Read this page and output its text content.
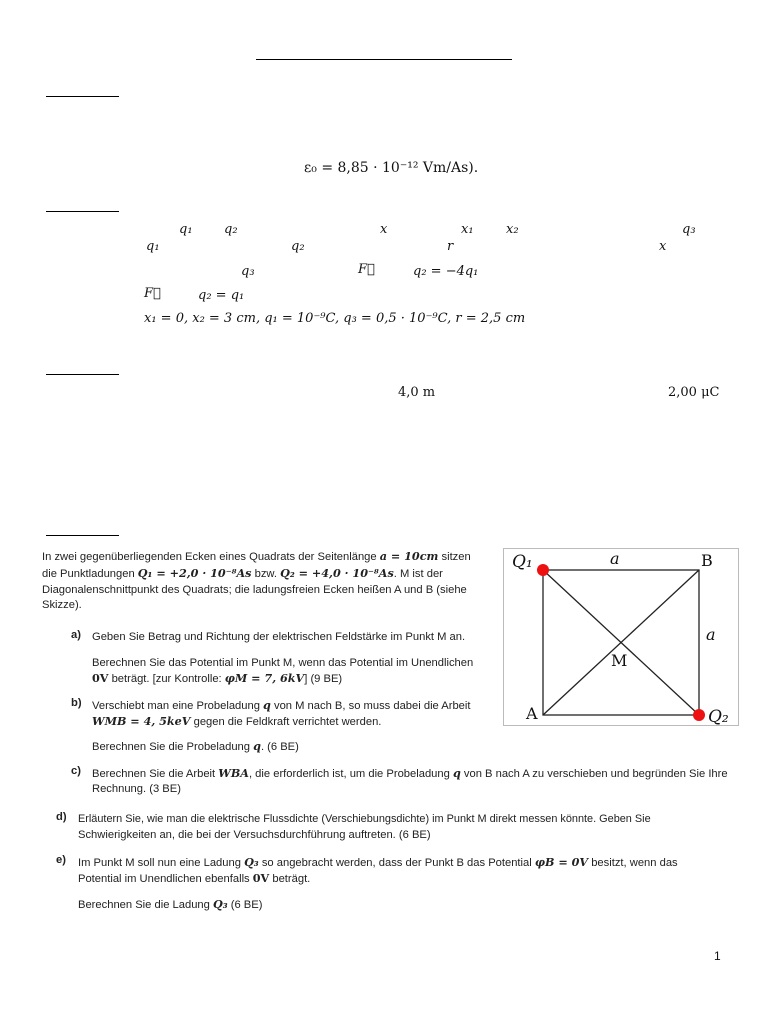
ε₀ = 8,85 · 10⁻¹² Vm/As).
q₁ q₂	x	x₁ x₂	q₃
q₁	q₂	r	x
q₃	F⃗	q₂ = −4q₁
F⃗	q₂ = q₁
x₁ = 0, x₂ = 3 cm, q₁ = 10⁻⁹C, q₃ = 0,5 · 10⁻⁹C, r = 2,5 cm
4,0 m	2,00 μC
In zwei gegenüberliegenden Ecken eines Quadrats der Seitenlänge a = 10cm sitzen
die Punktladungen Q₁ = +2,0 · 10⁻⁸As bzw. Q₂ = +4,0 · 10⁻⁸As. M ist der
Diagonalenschnittpunkt des Quadrats; die ladungsfreien Ecken heißen A und B (siehe
Skizze).
a) Geben Sie Betrag und Richtung der elektrischen Feldstärke im Punkt M an.
Berechnen Sie das Potential im Punkt M, wenn das Potential im Unendlichen
0V beträgt. [zur Kontrolle: φM = 7, 6kV] (9 BE)
b) Verschiebt man eine Probeladung q von M nach B, so muss dabei die Arbeit
WMB = 4, 5keV gegen die Feldkraft verrichtet werden.
Berechnen Sie die Probeladung q. (6 BE)
c) Berechnen Sie die Arbeit WBA, die erforderlich ist, um die Probeladung q von B nach A zu verschieben und begründen Sie Ihre
Rechnung. (3 BE)
d) Erläutern Sie, wie man die elektrische Flussdichte (Verschiebungsdichte) im Punkt M direkt messen könnte. Geben Sie
Schwierigkeiten an, die bei der Versuchsdurchführung auftreten. (6 BE)
e) Im Punkt M soll nun eine Ladung Q₃ so angebracht werden, dass der Punkt B das Potential φB = 0V besitzt, wenn das
Potential im Unendlichen ebenfalls 0V beträgt.
Berechnen Sie die Ladung Q₃ (6 BE)
Q₁	a	B
a
M
A	Q₂
1
